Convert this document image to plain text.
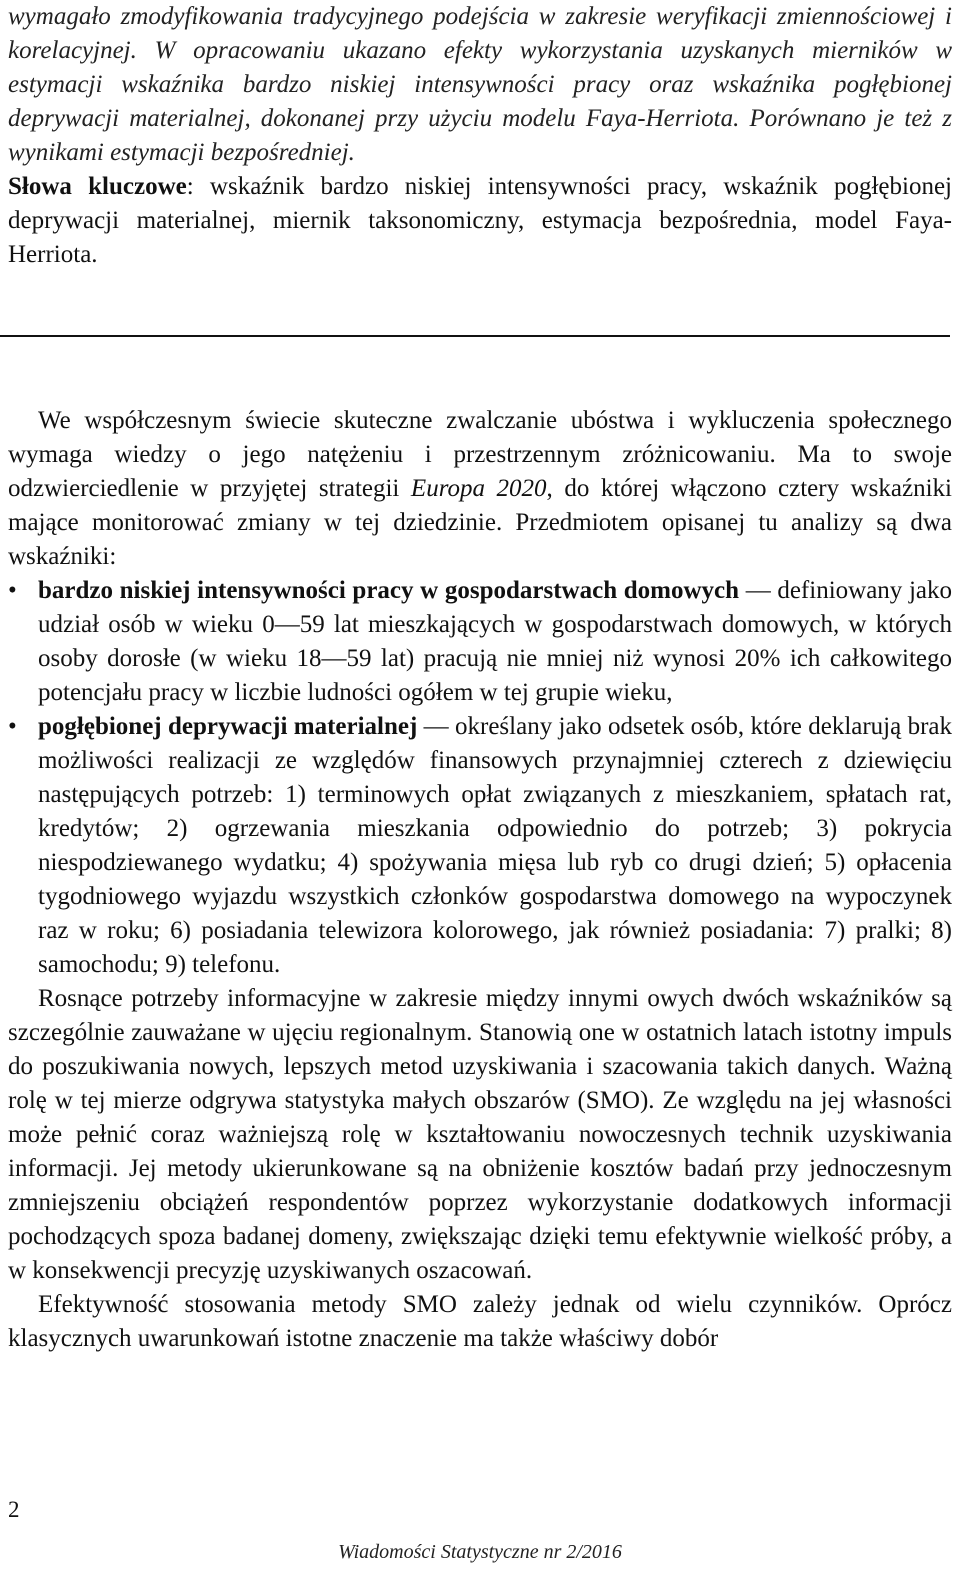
wymagało zmodyfikowania tradycyjnego podejścia w zakresie weryfikacji zmiennościowej i korelacyjnej. W opracowaniu ukazano efekty wykorzystania uzyskanych mierników w estymacji wskaźnika bardzo niskiej intensywności pracy oraz wskaźnika pogłębionej deprywacji materialnej, dokonanej przy użyciu modelu Faya-Herriota. Porównano je też z wynikami estymacji bezpośredniej.

Słowa kluczowe: wskaźnik bardzo niskiej intensywności pracy, wskaźnik pogłębionej deprywacji materialnej, miernik taksonomiczny, estymacja bezpośrednia, model Faya-Herriota.

We współczesnym świecie skuteczne zwalczanie ubóstwa i wykluczenia społecznego wymaga wiedzy o jego natężeniu i przestrzennym zróżnicowaniu. Ma to swoje odzwierciedlenie w przyjętej strategii Europa 2020, do której włączono cztery wskaźniki mające monitorować zmiany w tej dziedzinie. Przedmiotem opisanej tu analizy są dwa wskaźniki:

• bardzo niskiej intensywności pracy w gospodarstwach domowych — definiowany jako udział osób w wieku 0—59 lat mieszkających w gospodarstwach domowych, w których osoby dorosłe (w wieku 18—59 lat) pracują nie mniej niż wynosi 20% ich całkowitego potencjału pracy w liczbie ludności ogółem w tej grupie wieku,
• pogłębionej deprywacji materialnej — określany jako odsetek osób, które deklarują brak możliwości realizacji ze względów finansowych przynajmniej czterech z dziewięciu następujących potrzeb: 1) terminowych opłat związanych z mieszkaniem, spłatach rat, kredytów; 2) ogrzewania mieszkania odpowiednio do potrzeb; 3) pokrycia niespodziewanego wydatku; 4) spożywania mięsa lub ryb co drugi dzień; 5) opłacenia tygodniowego wyjazdu wszystkich członków gospodarstwa domowego na wypoczynek raz w roku; 6) posiadania telewizora kolorowego, jak również posiadania: 7) pralki; 8) samochodu; 9) telefonu.

Rosnące potrzeby informacyjne w zakresie między innymi owych dwóch wskaźników są szczególnie zauważane w ujęciu regionalnym. Stanowią one w ostatnich latach istotny impuls do poszukiwania nowych, lepszych metod uzyskiwania i szacowania takich danych. Ważną rolę w tej mierze odgrywa statystyka małych obszarów (SMO). Ze względu na jej własności może pełnić coraz ważniejszą rolę w kształtowaniu nowoczesnych technik uzyskiwania informacji. Jej metody ukierunkowane są na obniżenie kosztów badań przy jednoczesnym zmniejszeniu obciążeń respondentów poprzez wykorzystanie dodatkowych informacji pochodzących spoza badanej domeny, zwiększając dzięki temu efektywnie wielkość próby, a w konsekwencji precyzję uzyskiwanych oszacowań.

Efektywność stosowania metody SMO zależy jednak od wielu czynników. Oprócz klasycznych uwarunkowań istotne znaczenie ma także właściwy dobór

2
Wiadomości Statystyczne nr 2/2016
